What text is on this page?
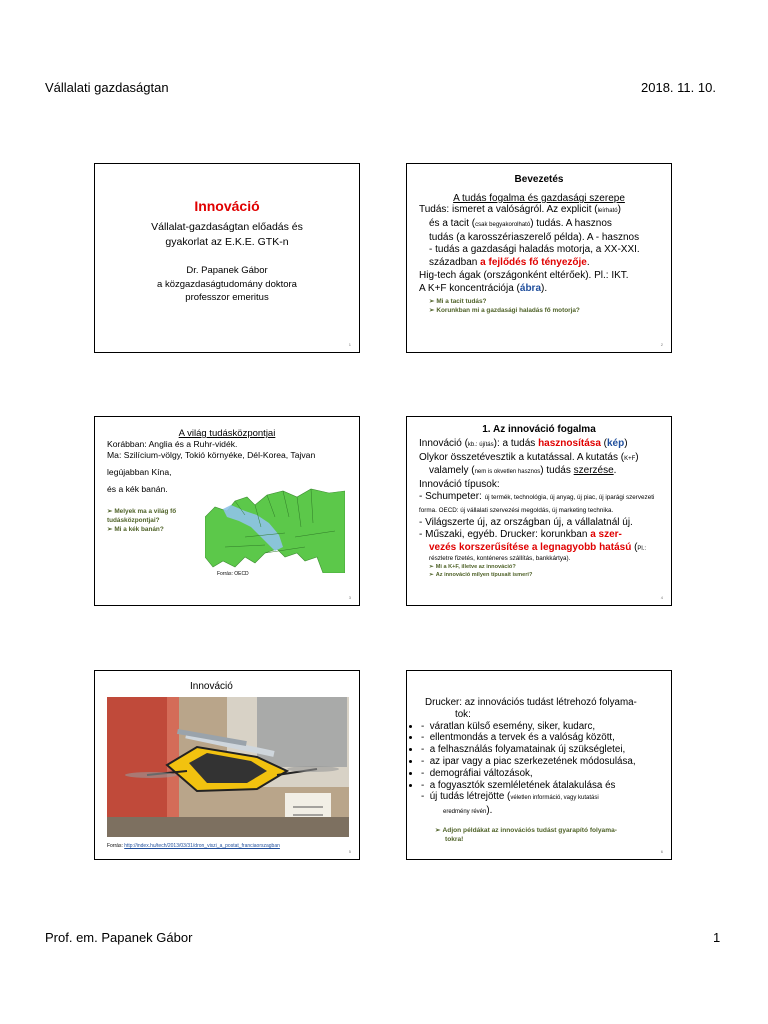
Vállalati gazdaságtan	2018. 11. 10.
Innováció
Vállalat-gazdaságtan előadás és
gyakorlat az E.K.E. GTK-n
Dr. Papanek Gábor
a közgazdaságtudomány doktora
professzor emeritus
1
Bevezetés
A tudás fogalma és gazdasági szerepe
Tudás: ismeret a valóságról. Az explicit (leírható)
és a tacit (csak begyakorolható) tudás. A hasznos
tudás (a karosszériaszerelő példa). A - hasznos
- tudás a gazdasági haladás motorja, a XX-XXI.
században a fejlődés fő tényezője.
Hig-tech ágak (országonként eltérőek). Pl.: IKT.
A K+F koncentrációja (ábra).
➢ Mi a tacit tudás?
➢ Korunkban mi a gazdasági haladás fő motorja?
2
A világ tudásközpontjai
Korábban: Anglia és a Ruhr-vidék.
Ma: Szilícium-völgy, Tokió környéke, Dél-Korea, Tajvan
legújabban Kína,
és a kék banán.
➢ Melyek ma a világ fő tudásközpontjai?
➢ Mi a kék banán?
Forrás: OECD
3
1. Az innováció fogalma
Innováció (kb.: újítás): a tudás hasznosítása (kép)
Olykor összetévesztik a kutatással. A kutatás (K+F)
valamely (nem is okvetlen hasznos) tudás szerzése.
Innováció típusok:
- Schumpeter: új termék, technológia, új anyag, új piac, új iparági szervezeti forma. OECD: új vállalati szervezési megoldás, új marketing technika.
- Világszerte új, az országban új, a vállalatnál új.
- Műszaki, egyéb. Drucker: korunkban a szer-
vezés korszerűsítése a legnagyobb hatású (Pl.:
részletre fizetés, konténeres szállítás, bankkártya).
➢ Mi a K+F, illetve az innováció?
➢ Az innováció milyen típusait ismeri?
4
Innováció
Forrás: http://index.hu/tech/2013/03/31/dron_viszi_a_postat_franciaorszagban
5
Drucker: az innovációs tudást létrehozó folyama-
tok:
• -  váratlan külső esemény, siker, kudarc,
• -  ellentmondás a tervek és a valóság között,
• -  a felhasználás folyamatainak új szükségletei,
• -  az ipar vagy a piac szerkezetének módosulása,
• -  demográfiai változások,
• -  a fogyasztók szemléletének átalakulása és
-  új tudás létrejötte (véletlen információ, vagy kutatási
eredmény révén).
➢ Adjon példákat az innovációs tudást gyarapító folyama-
tokra!
6
Prof. em. Papanek Gábor	1
